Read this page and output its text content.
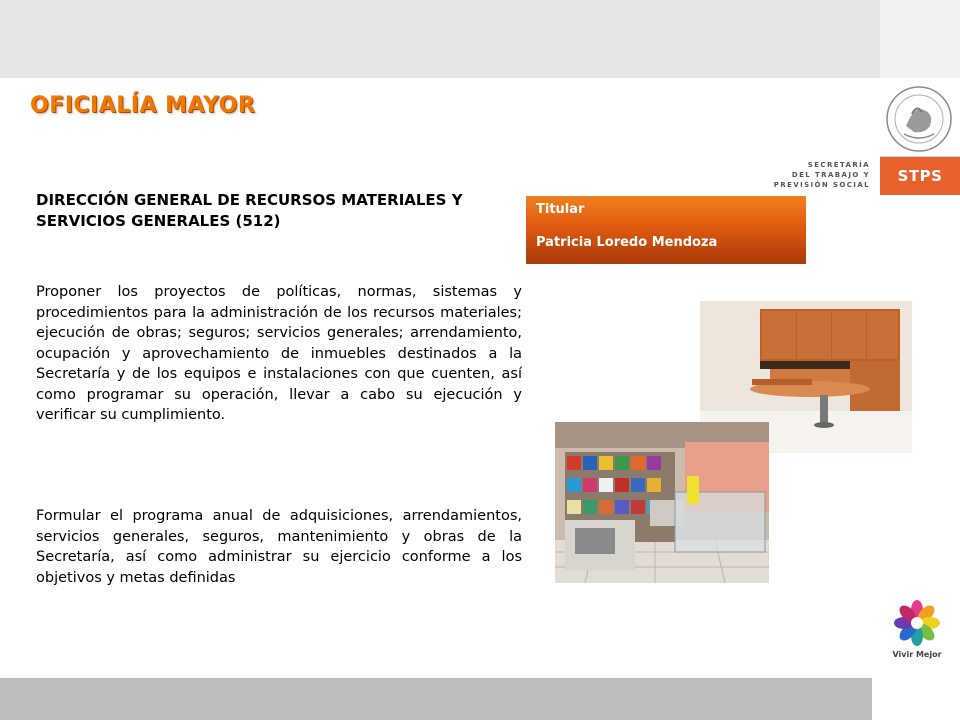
OFICIALÍA MAYOR
SECRETARÍA
DEL TRABAJO Y
PREVISIÓN SOCIAL	STPS
DIRECCIÓN GENERAL DE RECURSOS MATERIALES Y SERVICIOS GENERALES (512)

Proponer los proyectos de políticas, normas, sistemas y procedimientos para la administración de los recursos materiales; ejecución de obras; seguros; servicios generales; arrendamiento, ocupación y aprovechamiento de inmuebles destinados a la Secretaría y de los equipos e instalaciones con que cuenten, así como programar su operación, llevar a cabo su ejecución y verificar su cumplimiento.

Formular el programa anual de adquisiciones, arrendamientos, servicios generales, seguros, mantenimiento y obras de la Secretaría, así como administrar su ejercicio conforme a los objetivos y metas definidas

Titular
Patricia Loredo Mendoza
Vivir Mejor
